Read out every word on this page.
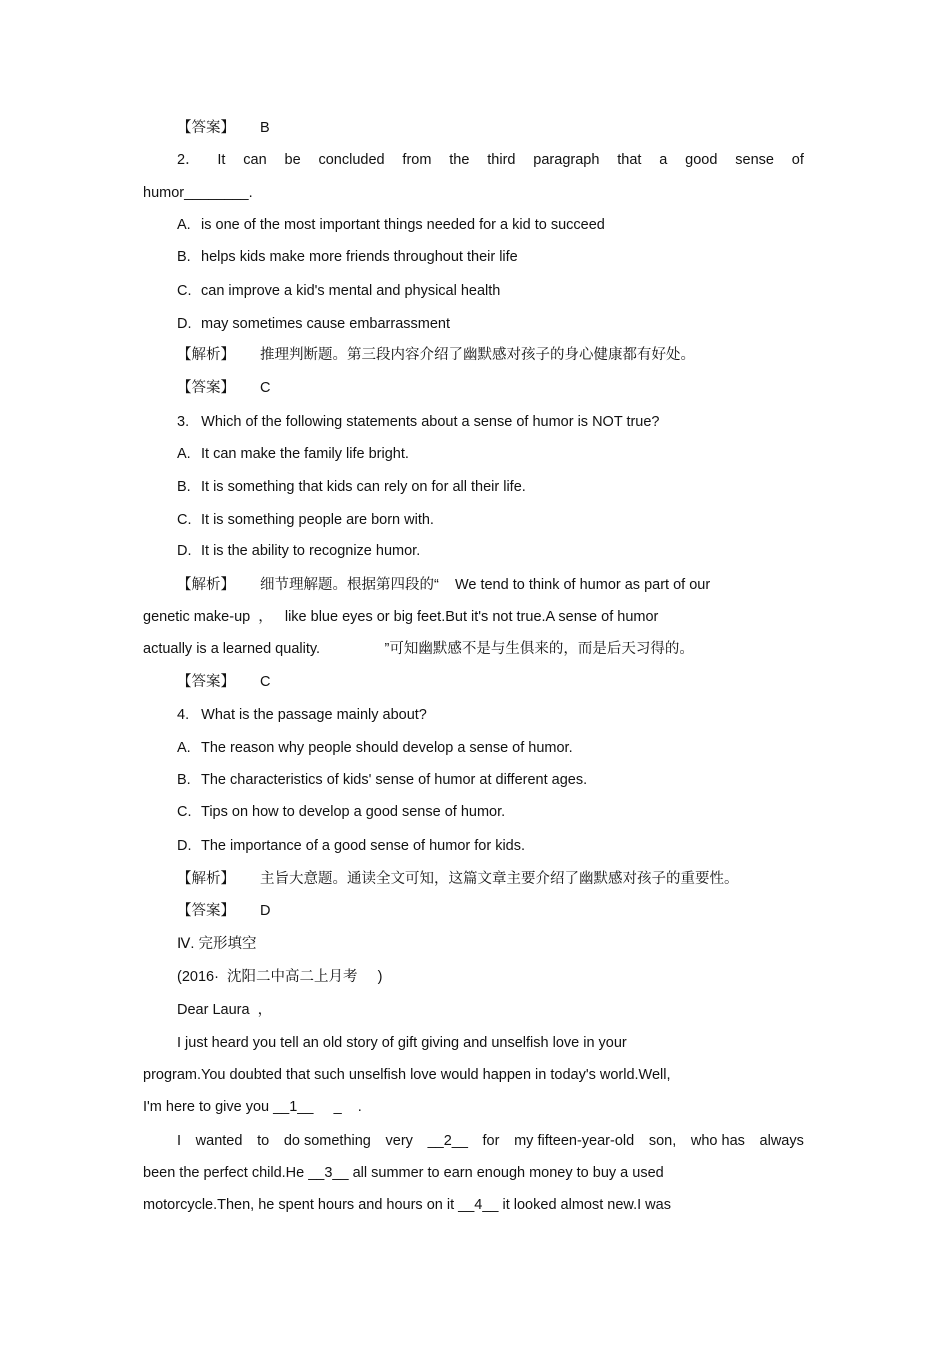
【答案】 B
2． It can be concluded from the third paragraph that a good sense of
humor________.
A. is one of the most important things needed for a kid to succeed
B. helps kids make more friends throughout their life
C. can improve a kid's mental and physical health
D. may sometimes cause embarrassment
【解析】 推理判断题。第三段内容介绍了幽默感对孩子的身心健康都有好处。
【答案】 C
3.   Which of the following statements about a sense of humor is NOT true?
A. It can make the family life bright.
B. It is something that kids can rely on for all their life.
C. It is something people are born with.
D. It is the ability to recognize humor.
【解析】 细节理解题。根据第四段的“    We tend to think of humor as part of our
genetic make-up  ，   like blue eyes or big feet.But it's not true.A sense of humor
actually is a learned quality.                ”可知幽默感不是与生俱来的，而是后天习得的。
【答案】 C
4.   What is the passage mainly about?
A. The reason why people should develop a sense of humor.
B. The characteristics of kids' sense of humor at different ages.
C. Tips on how to develop a good sense of humor.
D. The importance of a good sense of humor for kids.
【解析】 主旨大意题。通读全文可知，这篇文章主要介绍了幽默感对孩子的重要性。
【答案】 D
Ⅳ. 完形填空
(2016·  沈阳二中高二上月考     )
Dear Laura  ，
I just heard you tell an old story of gift giving and unselfish love in your
program.You doubted that such unselfish love would happen in today's world.Well,
I'm here to give you __1__     _    .
I wanted to do something very __2__ for my fifteen-year-old son, who has always
been the perfect child.He __3__ all summer to earn enough money to buy a used
motorcycle.Then, he spent hours and hours on it __4__ it looked almost new.I was
